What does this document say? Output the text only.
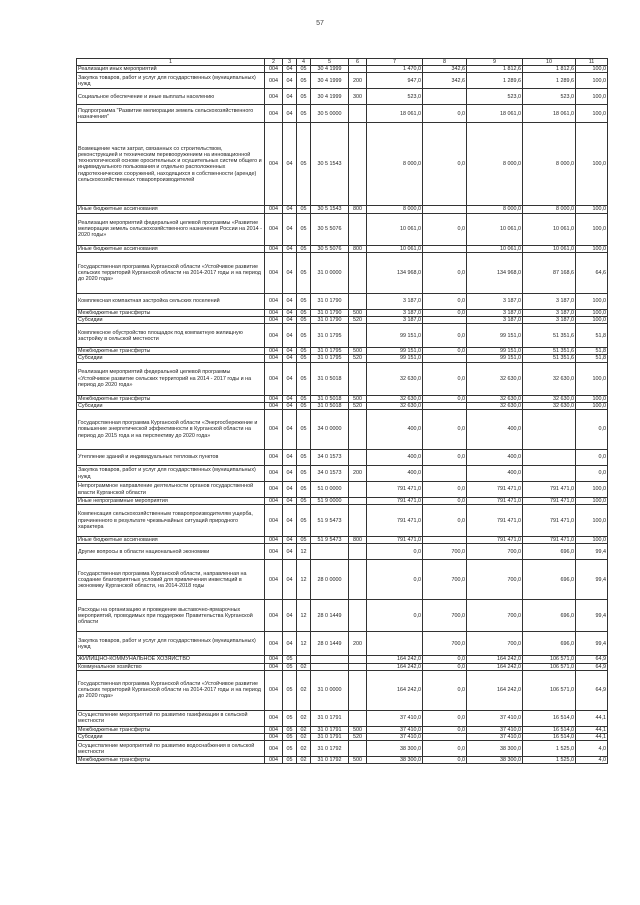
57
1	2	3	4	5	6	7	8	9	10	11
Реализация иных мероприятий	004	04	05	30 4 1999		1 470,0	342,6	1 812,6	1 812,6	100,0
Закупка товаров, работ и услуг для государственных (муниципальных) нужд	004	04	05	30 4 1999	200	947,0	342,6	1 289,6	1 289,6	100,0
Социальное обеспечение и иные выплаты населению	004	04	05	30 4 1999	300	523,0		523,0	523,0	100,0
Подпрограмма "Развитие мелиорации земель сельскохозяйственного назначения"	004	04	05	30 5 0000		18 061,0	0,0	18 061,0	18 061,0	100,0
Возмещение части затрат, связанных со строительством, реконструкцией и техническим перевооружением на инновационной технологической основе оросительных и осушительных систем общего и индивидуального пользования и отдельно расположенных гидротехнических сооружений, находящихся в собственности (аренде) сельскохозяйственных товаропроизводителей	004	04	05	30 5 1543		8 000,0	0,0	8 000,0	8 000,0	100,0
Иные бюджетные ассигнования	004	04	05	30 5 1543	800	8 000,0		8 000,0	8 000,0	100,0
Реализация мероприятий федеральной целевой программы «Развитие мелиорации земель сельскохозяйственного назначения России на 2014 - 2020 годы»	004	04	05	30 5 5076		10 061,0	0,0	10 061,0	10 061,0	100,0
Иные бюджетные ассигнования	004	04	05	30 5 5076	800	10 061,0		10 061,0	10 061,0	100,0
Государственная программа Курганской области «Устойчивое развитие сельских территорий Курганской области на 2014-2017 годы и на период до 2020 года»	004	04	05	31 0 0000		134 968,0	0,0	134 968,0	87 168,6	64,6
Комплексная компактная застройка сельских поселений	004	04	05	31 0 1790		3 187,0	0,0	3 187,0	3 187,0	100,0
Межбюджетные трансферты	004	04	05	31 0 1790	500	3 187,0	0,0	3 187,0	3 187,0	100,0
Субсидии	004	04	05	31 0 1790	520	3 187,0		3 187,0	3 187,0	100,0
Комплексное обустройство площадок под компактную жилищную застройку в сельской местности	004	04	05	31 0 1795		99 151,0	0,0	99 151,0	51 351,6	51,8
Межбюджетные трансферты	004	04	05	31 0 1795	500	99 151,0	0,0	99 151,0	51 351,6	51,8
Субсидии	004	04	05	31 0 1795	520	99 151,0		99 151,0	51 351,6	51,8
Реализация мероприятий федеральной целевой программы «Устойчивое развитие сельских территорий на 2014 - 2017 годы и на период до 2020 года»	004	04	05	31 0 5018		32 630,0	0,0	32 630,0	32 630,0	100,0
Межбюджетные трансферты	004	04	05	31 0 5018	500	32 630,0	0,0	32 630,0	32 630,0	100,0
Субсидии	004	04	05	31 0 5018	520	32 630,0		32 630,0	32 630,0	100,0
Государственная программа Курганской области «Энергосбережение и повышение энергетической эффективности в Курганской области на период до 2015 года и на перспективу до 2020 года»	004	04	05	34 0 0000		400,0	0,0	400,0		0,0
Утепление зданий и индивидуальных тепловых пунктов	004	04	05	34 0 1573		400,0	0,0	400,0		0,0
Закупка товаров, работ и услуг для государственных (муниципальных) нужд	004	04	05	34 0 1573	200	400,0		400,0		0,0
Непрограммное направление деятельности органов государственной власти Курганской области	004	04	05	51 0 0000		791 471,0	0,0	791 471,0	791 471,0	100,0
Иные непрограммные мероприятия	004	04	05	51 9 0000		791 471,0	0,0	791 471,0	791 471,0	100,0
Компенсация сельскохозяйственным товаропроизводителям ущерба, причиненного в результате чрезвычайных ситуаций природного характера	004	04	05	51 9 5473		791 471,0	0,0	791 471,0	791 471,0	100,0
Иные бюджетные ассигнования	004	04	05	51 9 5473	800	791 471,0		791 471,0	791 471,0	100,0
Другие вопросы в области национальной экономики	004	04	12			0,0	700,0	700,0	696,0	99,4
Государственная программа Курганской области, направленная на создание благоприятных условий для привлечения инвестиций в экономику Курганской области, на 2014-2018 годы	004	04	12	28 0 0000		0,0	700,0	700,0	696,0	99,4
Расходы на организацию и проведение выставочно-ярмарочных мероприятий, проводимых при поддержке Правительства Курганской области	004	04	12	28 0 1449		0,0	700,0	700,0	696,0	99,4
Закупка товаров, работ и услуг для государственных (муниципальных) нужд	004	04	12	28 0 1449	200		700,0	700,0	696,0	99,4
ЖИЛИЩНО-КОММУНАЛЬНОЕ ХОЗЯЙСТВО	004	05				164 242,0	0,0	164 242,0	106 571,0	64,9
Коммунальное хозяйство	004	05	02			164 242,0	0,0	164 242,0	106 571,0	64,9
Государственная программа Курганской области «Устойчивое развитие сельских территорий Курганской области на 2014-2017 годы и на период до 2020 года»	004	05	02	31 0 0000		164 242,0	0,0	164 242,0	106 571,0	64,9
Осуществление мероприятий по развитию газификации в сельской местности	004	05	02	31 0 1791		37 410,0	0,0	37 410,0	16 514,0	44,1
Межбюджетные трансферты	004	05	02	31 0 1791	500	37 410,0	0,0	37 410,0	16 514,0	44,1
Субсидии	004	05	02	31 0 1791	520	37 410,0		37 410,0	16 514,0	44,1
Осуществление мероприятий по развитию водоснабжения в сельской местности	004	05	02	31 0 1792		38 300,0	0,0	38 300,0	1 525,0	4,0
Межбюджетные трансферты	004	05	02	31 0 1792	500	38 300,0	0,0	38 300,0	1 525,0	4,0
